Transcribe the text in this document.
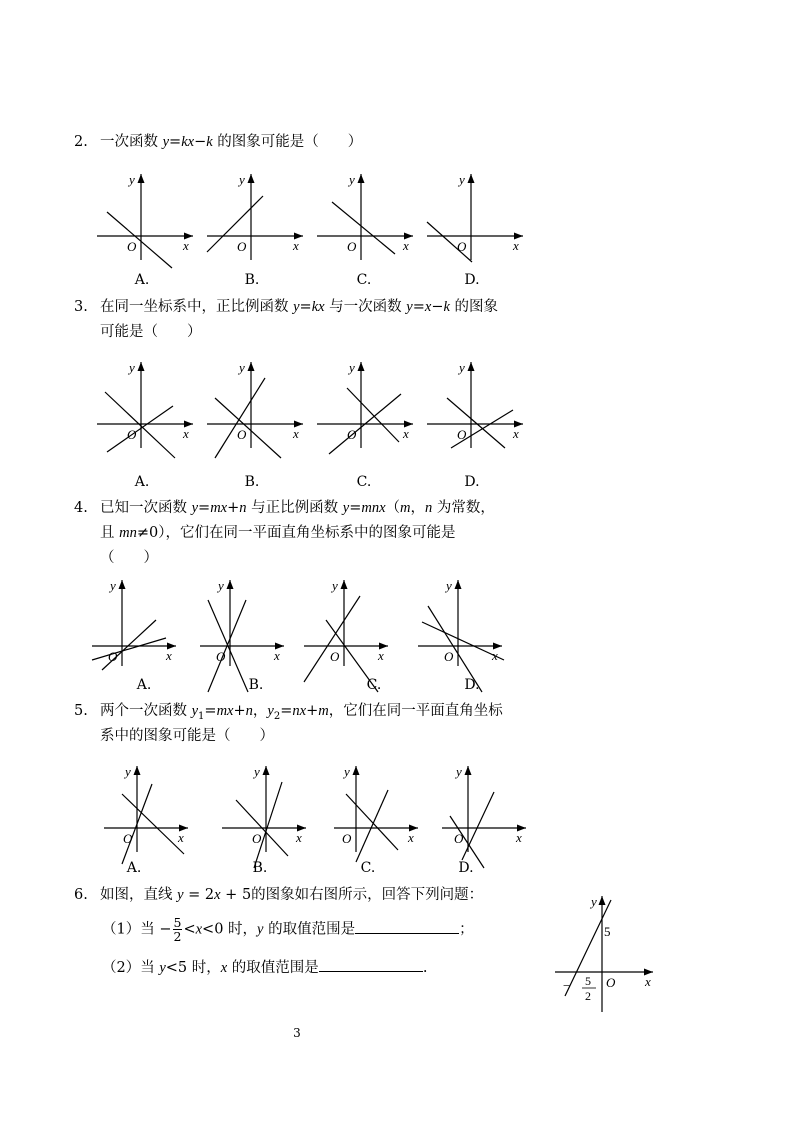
2. 一次函数 y=kx−k 的图象可能是（　　）
3. 在同一坐标系中，正比例函数 y=kx 与一次函数 y=x−k 的图象
可能是（　　）
4. 已知一次函数 y=mx+n 与正比例函数 y=mnx（m，n 为常数，
且 mn≠0），它们在同一平面直角坐标系中的图象可能是
（　　）
5. 两个一次函数 $y_1=mx+n$，$y_2=nx+m$，它们在同一平面直角坐标
系中的图象可能是（　　）
6. 如图，直线 y = 2x + 5的图象如右图所示，回答下列问题：
（1）当 − $\frac{5}{2} <x<0$ 时，y 的取值范围是	；
（2）当 y<5 时，x 的取值范围是	.
y
x
O
y
x
O
y
x
O
y
x
O
y
x
O
y
x
O
y
x
O
y
x
O
y
x
O
y
x
O
y
x
O
y
x
O
y
x
O
y
x
O
y
x
O
y
x
O
A.	B.	C.	D.
A.	B.	C.	D.
A.	B.	C.	D.
A.	B.	C.	D.
y
x
O
5
− 5
2
3
